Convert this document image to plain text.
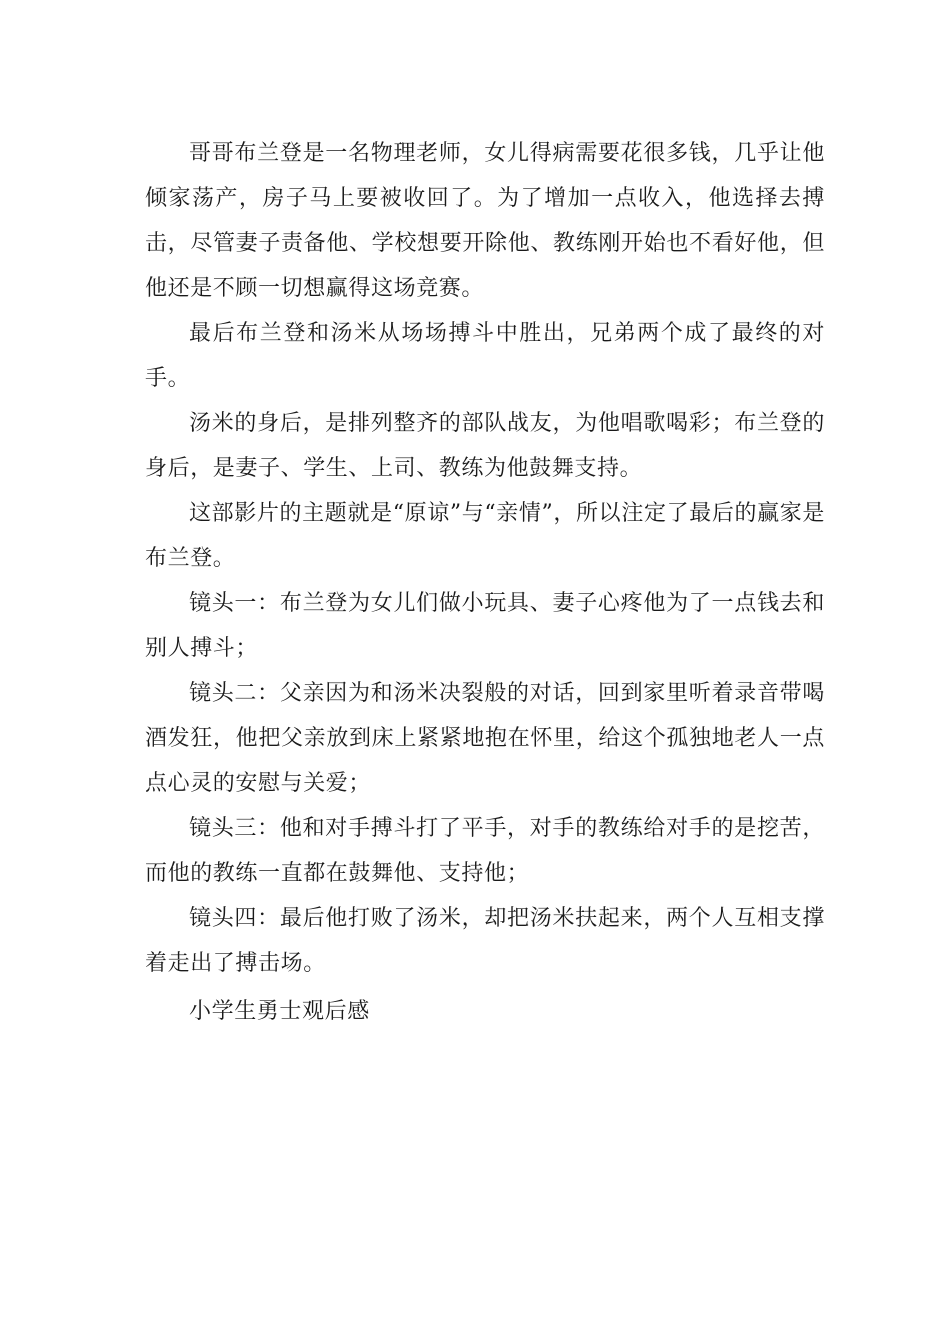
哥哥布兰登是一名物理老师，女儿得病需要花很多钱，几乎让他倾家荡产，房子马上要被收回了。为了增加一点收入，他选择去搏击，尽管妻子责备他、学校想要开除他、教练刚开始也不看好他，但他还是不顾一切想赢得这场竞赛。

最后布兰登和汤米从场场搏斗中胜出，兄弟两个成了最终的对手。

汤米的身后，是排列整齐的部队战友，为他唱歌喝彩；布兰登的身后，是妻子、学生、上司、教练为他鼓舞支持。

这部影片的主题就是“原谅”与“亲情”，所以注定了最后的赢家是布兰登。

镜头一：布兰登为女儿们做小玩具、妻子心疼他为了一点钱去和别人搏斗；

镜头二：父亲因为和汤米决裂般的对话，回到家里听着录音带喝酒发狂，他把父亲放到床上紧紧地抱在怀里，给这个孤独地老人一点点心灵的安慰与关爱；

镜头三：他和对手搏斗打了平手，对手的教练给对手的是挖苦，而他的教练一直都在鼓舞他、支持他；

镜头四：最后他打败了汤米，却把汤米扶起来，两个人互相支撑着走出了搏击场。

小学生勇士观后感
